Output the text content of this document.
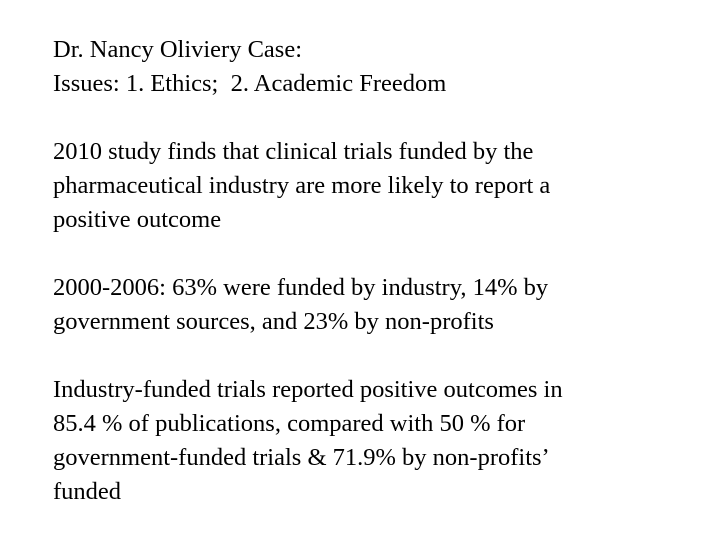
Dr. Nancy Oliviery Case:
Issues: 1. Ethics;  2. Academic Freedom
2010 study finds that clinical trials funded by the
pharmaceutical industry are more likely to report a
positive outcome
2000-2006: 63% were funded by industry, 14% by
government sources, and 23% by non-profits
Industry-funded trials reported positive outcomes in
85.4 % of publications, compared with 50 % for
government-funded trials & 71.9% by non-profits’
funded
